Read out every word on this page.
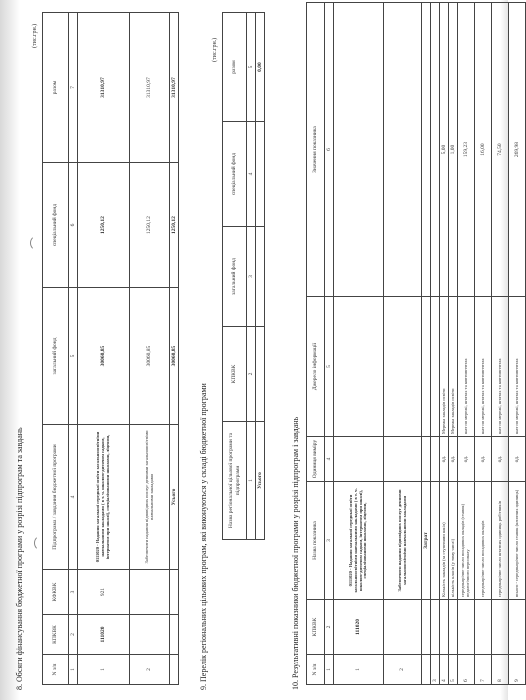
8. Обсяги фінансування бюджетної програми у розрізі підпрограм та завдань
(тис.грн.)
N з/п	КПКВК	КФКВК	Підпрограма / завдання бюджетної програми	загальний фонд	спеціальний фонд	разом
1	2	3	4	5	6	7
1	111020	921	0111020 - Надання загальної середньої освіти загальноосвітніми навчальними закладами ( в т. ч. школою-дитячим садком, інтернатом при школі), спеціалізованими школами, ліцеями,	30060,85	1250,12	31310,97
2			Забезпечити надання відповідних послуг денними загальноосвітніми навчальними закладами	30060,85	1250,12	31310,97
			Усього	30060,85	1250,12	31310,97
9. Перелік регіональних цільових програм, які виконуються у складі бюджетної програми
(тис.грн.)
Назва регіональної цільової програми та підпрограми	КПКВК	загальний фонд	спеціальний фонд	разом
1	2	3	4	5
Усього				0,00
10. Результативні показники бюджетної програми у розрізі підпрограм і завдань N з/п	КПКВК	Назва показника	Одиниця виміру	Джерело інформації	Значення показника
1	2	3	4	5	6
1	111020	0111020 - Надання загальної середньої освіти загальноосвітніми навчальними закладами ( в т. ч. школою-дитячим садком, інтернатом при школі), спеціалізованими школами, ліцеями,			
2		Забезпечити надання відповідних послуг денними загальноосвітніми навчальними закладами			
		Затрат			
3					
4		Кількість закладів (за ступенями шкіл)	од.	Мережа закладів освіти	5,00
5		кількість класів (у тому числі)	од.	Мережа закладів освіти	1,00
6		середньорічне число посадових окладів (ставок) педагогічного персоналу	од.	шат по мережі, штатах та контингентах	159,23
7		середньорічне число посадових окладів	од.	шат по мережі, штатах та контингентах	16,00
8		середньорічне число штатних одиниць робітників	од.	шат по мережі, штатах та контингентах	74,50
9		всього - середньорічне число ставок (штатних одиниць)	од.	шат по мережі, штатах та контингентах	269,98
